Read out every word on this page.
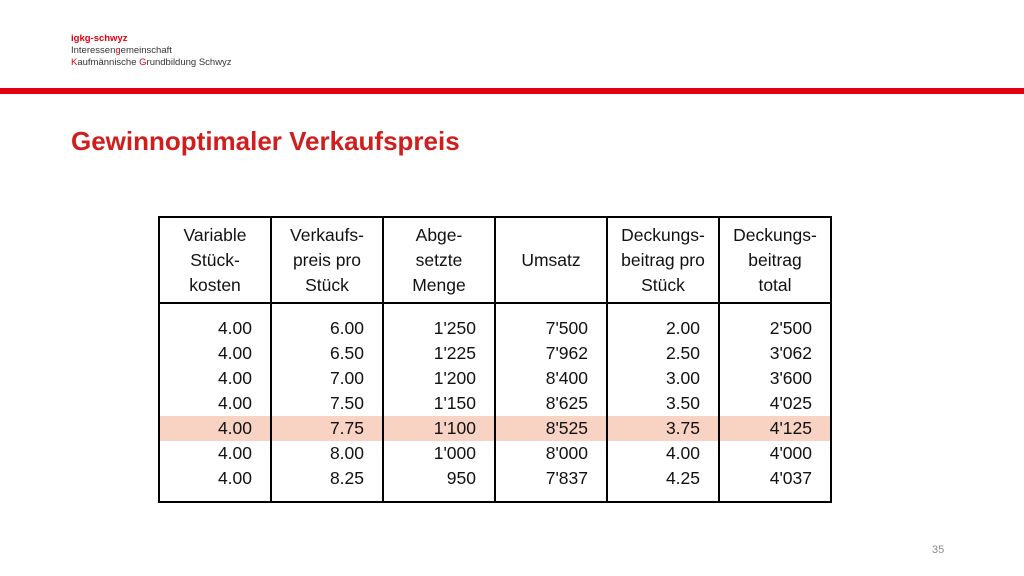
igkg-schwyz
Interessengemeinschaft
Kaufmännische Grundbildung Schwyz
Gewinnoptimaler Verkaufspreis
Variable
Stück-
kosten	Verkaufs-
preis pro
Stück	Abge-
setzte
Menge	Umsatz	Deckungs-
beitrag pro
Stück	Deckungs-
beitrag
total
4.00	6.00	1'250	7'500	2.00	2'500
4.00	6.50	1'225	7'962	2.50	3'062
4.00	7.00	1'200	8'400	3.00	3'600
4.00	7.50	1'150	8'625	3.50	4'025
4.00	7.75	1'100	8'525	3.75	4'125
4.00	8.00	1'000	8'000	4.00	4'000
4.00	8.25	950	7'837	4.25	4'037
35
